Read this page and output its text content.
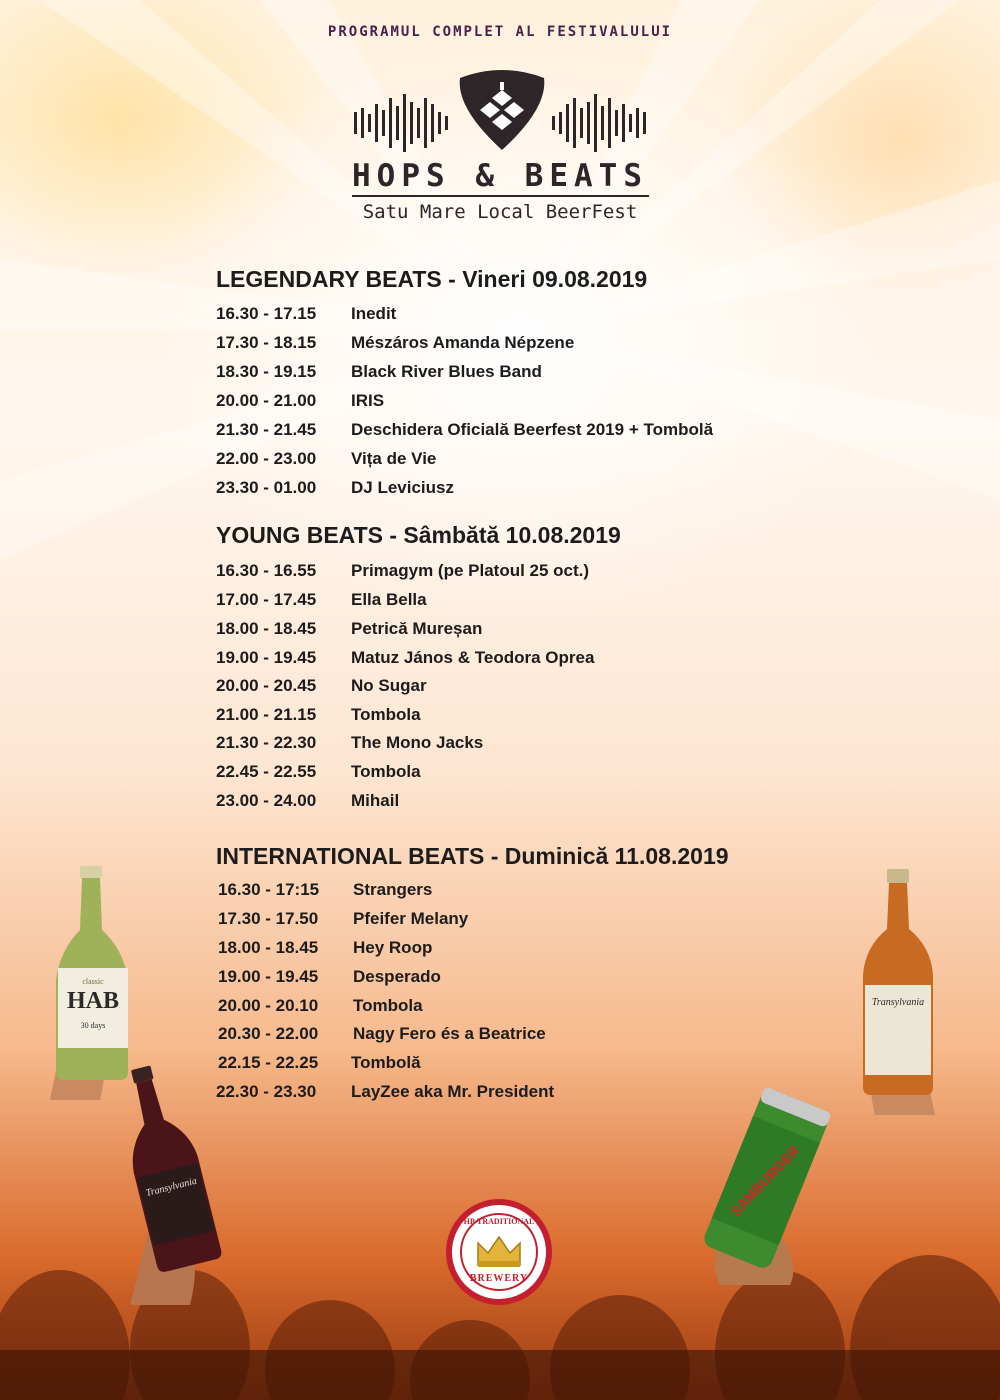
PROGRAMUL COMPLET AL FESTIVALULUI
HOPS & BEATS
Satu Mare Local BeerFest
LEGENDARY BEATS - Vineri 09.08.2019
16.30 - 17.15 Inedit
17.30 - 18.15 Mészáros Amanda Népzene
18.30 - 19.15 Black River Blues Band
20.00 - 21.00 IRIS
21.30 - 21.45 Deschidera Oficială Beerfest 2019 + Tombolă
22.00 - 23.00 Vița de Vie
23.30 - 01.00 DJ Leviciusz
YOUNG BEATS - Sâmbătă 10.08.2019
16.30 - 16.55 Primagym (pe Platoul 25 oct.)
17.00 - 17.45 Ella Bella
18.00 - 18.45 Petrică Mureșan
19.00 - 19.45 Matuz János & Teodora Oprea
20.00 - 20.45 No Sugar
21.00 - 21.15 Tombola
21.30 - 22.30 The Mono Jacks
22.45 - 22.55 Tombola
23.00 - 24.00 Mihail
INTERNATIONAL BEATS - Duminică 11.08.2019
16.30 - 17:15 Strangers
17.30 - 17.50 Pfeifer Melany
18.00 - 18.45 Hey Roop
19.00 - 19.45 Desperado
20.00 - 20.10 Tombola
20.30 - 22.00 Nagy Fero és a Beatrice
22.15 - 22.25 Tombolă
22.30 - 23.30 LayZee aka Mr. President
classic
HAB
30 days
Transylvania
Transylvania
SAMBURGER
HB TRADITIONAL
BREWERY
